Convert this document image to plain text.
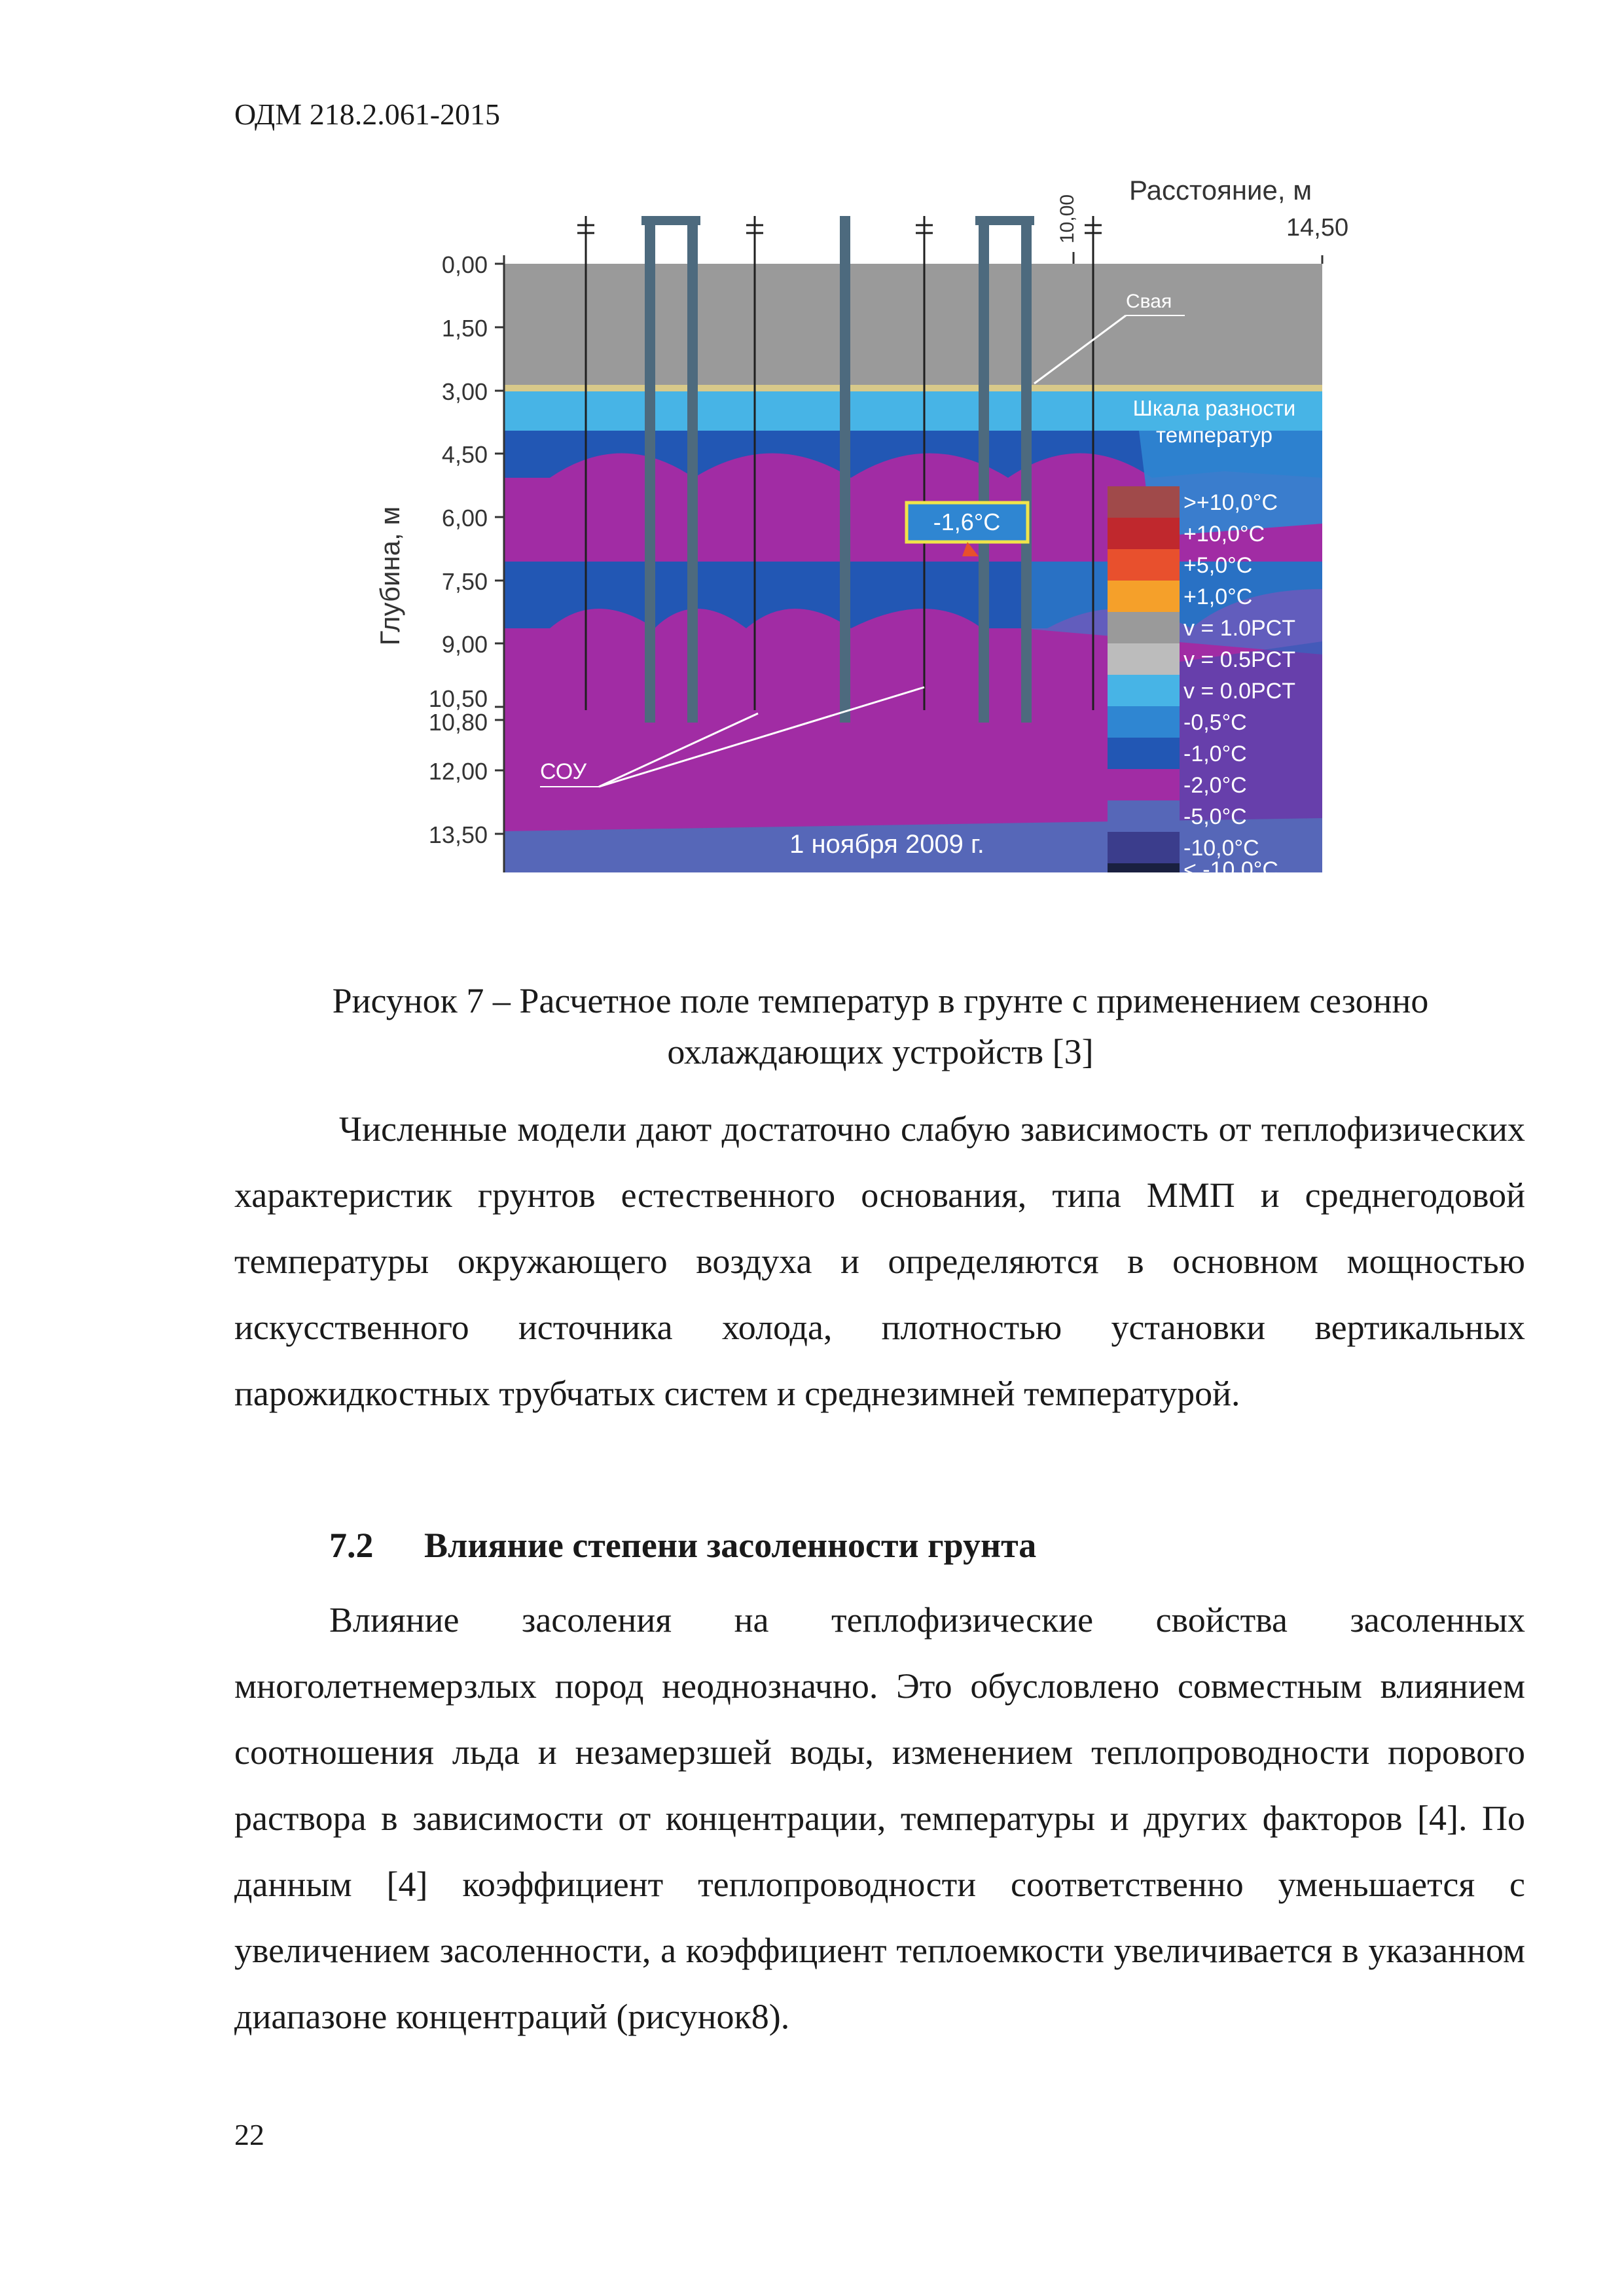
ОДМ 218.2.061-2015
0,00
1,50
3,00
4,50
6,00
7,50
9,00
10,50
10,80
12,00
13,50
Глубина, м
Расстояние, м
10,00	14,50
Свая
-1,6°С
СОУ
1 ноября 2009 г.
Шкала разности
температур
>+10,0°C
+10,0°C
+5,0°C
+1,0°C
v = 1.0PCT
v = 0.5PCT
v = 0.0PCT
-0,5°C
-1,0°C
-2,0°C
-5,0°C
-10,0°C
< -10,0°C
Рисунок 7 – Расчетное поле температур в грунте с применением сезонно
охлаждающих устройств [3]

Численные модели дают достаточно слабую зависимость от теплофизических характеристик грунтов естественного основания, типа ММП и среднегодовой температуры окружающего воздуха и определяются в основном мощностью искусственного источника холода, плотностью установки вертикальных парожидкостных трубчатых систем и среднезимней температурой.

7.2 Влияние степени засоленности грунта

Влияние засоления на теплофизические свойства засоленных многолетнемерзлых пород неоднозначно. Это обусловлено совместным влиянием соотношения льда и незамерзшей воды, изменением теплопроводности порового раствора в зависимости от концентрации, температуры и других факторов [4]. По данным [4] коэффициент теплопроводности соответственно уменьшается с увеличением засоленности, а коэффициент теплоемкости увеличивается в указанном диапазоне концентраций (рисунок8).

22
